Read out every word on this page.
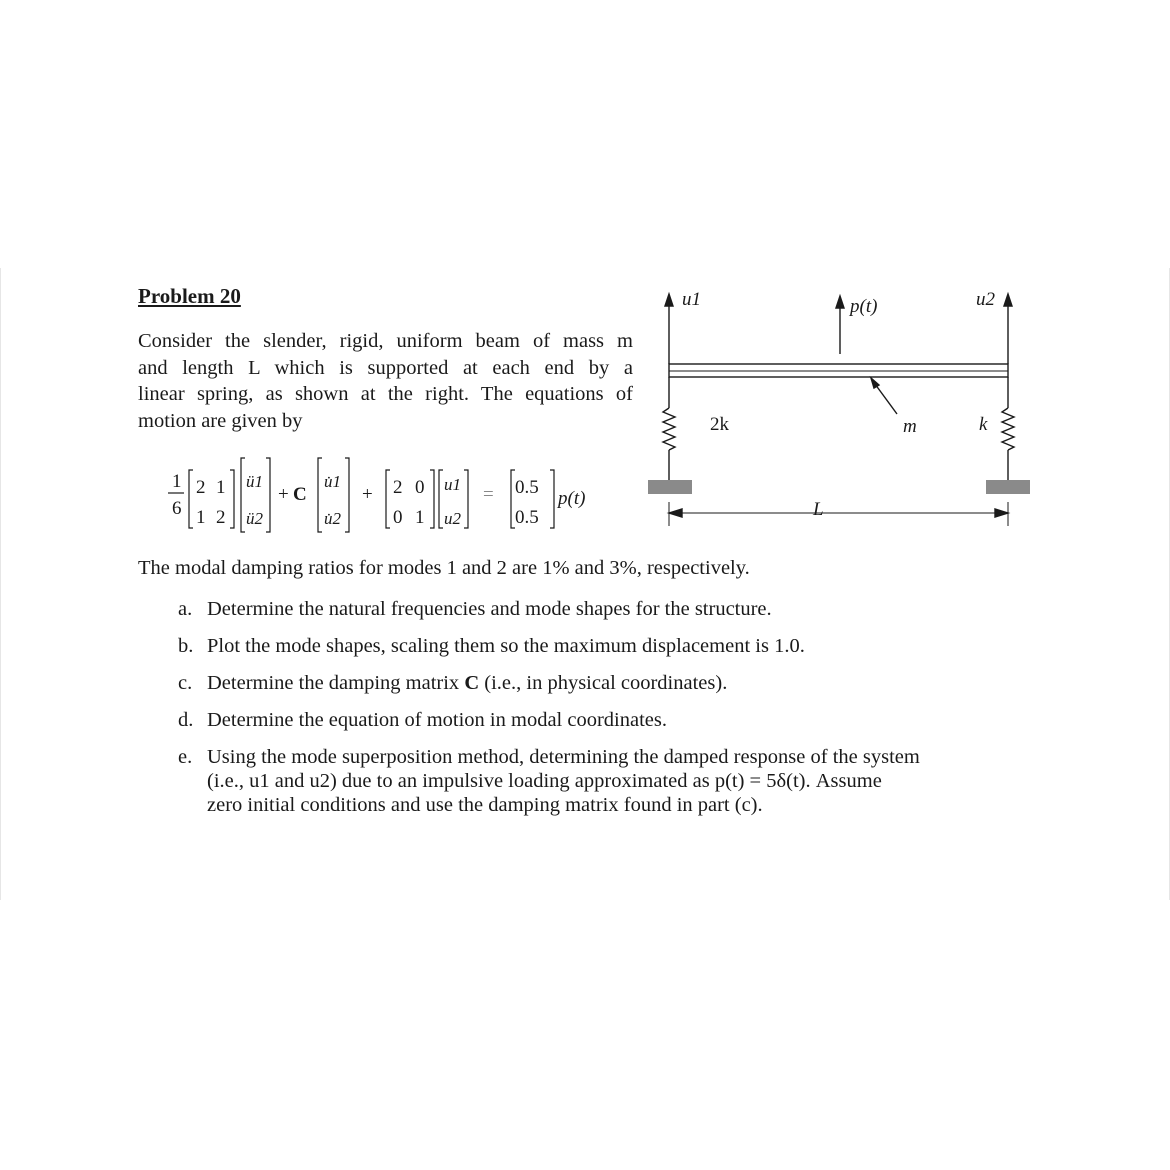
Problem 20
Consider the slender, rigid, uniform beam of mass m
and length L which is supported at each end by a
linear spring, as shown at the right. The equations of
motion are given by
1
6
2 1
1 2
ü1
ü2
+ C
u̇1
u̇2
+ 2 0
0 1
u1
u2
= 0.5
0.5
p(t)
u1	p(t)	u2
2k	m	k
L
The modal damping ratios for modes 1 and 2 are 1% and 3%, respectively.
a. Determine the natural frequencies and mode shapes for the structure.
b. Plot the mode shapes, scaling them so the maximum displacement is 1.0.
c. Determine the damping matrix C (i.e., in physical coordinates).
d. Determine the equation of motion in modal coordinates.
e. Using the mode superposition method, determining the damped response of the system
(i.e., u1 and u2) due to an impulsive loading approximated as p(t) = 5δ(t). Assume
zero initial conditions and use the damping matrix found in part (c).
